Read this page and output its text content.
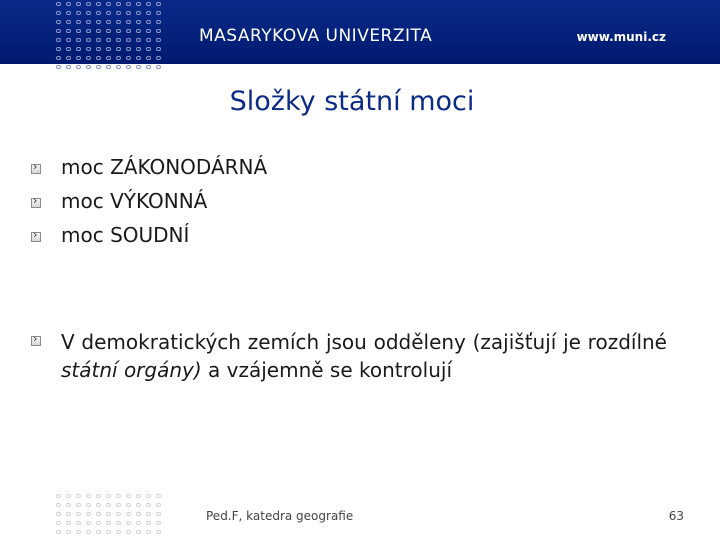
MASARYKOVA UNIVERZITA	www.muni.cz
Složky státní moci
›
moc ZÁKONODÁRNÁ
›
moc VÝKONNÁ
›
moc SOUDNÍ
›
V demokratických zemích jsou odděleny (zajišťují je rozdílné státní orgány) a vzájemně se kontrolují
Ped.F, katedra geografie	63
